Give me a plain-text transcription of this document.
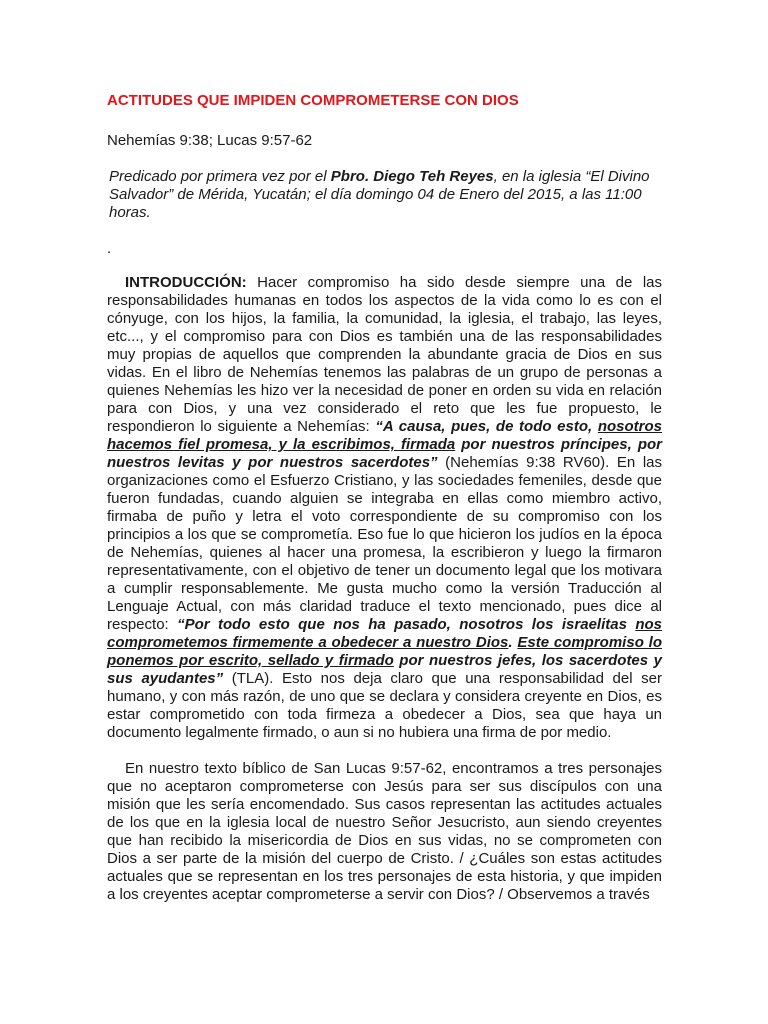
ACTITUDES QUE IMPIDEN COMPROMETERSE CON DIOS

Nehemías 9:38; Lucas 9:57-62

Predicado por primera vez por el Pbro. Diego Teh Reyes, en la iglesia “El Divino Salvador” de Mérida, Yucatán; el día domingo 04 de Enero del 2015, a las 11:00 horas.

.

INTRODUCCIÓN: Hacer compromiso ha sido desde siempre una de las responsabilidades humanas en todos los aspectos de la vida como lo es con el cónyuge, con los hijos, la familia, la comunidad, la iglesia, el trabajo, las leyes, etc..., y el compromiso para con Dios es también una de las responsabilidades muy propias de aquellos que comprenden la abundante gracia de Dios en sus vidas. En el libro de Nehemías tenemos las palabras de un grupo de personas a quienes Nehemías les hizo ver la necesidad de poner en orden su vida en relación para con Dios, y una vez considerado el reto que les fue propuesto, le respondieron lo siguiente a Nehemías: “A causa, pues, de todo esto, nosotros hacemos fiel promesa, y la escribimos, firmada por nuestros príncipes, por nuestros levitas y por nuestros sacerdotes” (Nehemías 9:38 RV60). En las organizaciones como el Esfuerzo Cristiano, y las sociedades femeniles, desde que fueron fundadas, cuando alguien se integraba en ellas como miembro activo, firmaba de puño y letra el voto correspondiente de su compromiso con los principios a los que se comprometía. Eso fue lo que hicieron los judíos en la época de Nehemías, quienes al hacer una promesa, la escribieron y luego la firmaron representativamente, con el objetivo de tener un documento legal que los motivara a cumplir responsablemente. Me gusta mucho como la versión Traducción al Lenguaje Actual, con más claridad traduce el texto mencionado, pues dice al respecto: “Por todo esto que nos ha pasado, nosotros los israelitas nos comprometemos firmemente a obedecer a nuestro Dios. Este compromiso lo ponemos por escrito, sellado y firmado por nuestros jefes, los sacerdotes y sus ayudantes” (TLA). Esto nos deja claro que una responsabilidad del ser humano, y con más razón, de uno que se declara y considera creyente en Dios, es estar comprometido con toda firmeza a obedecer a Dios, sea que haya un documento legalmente firmado, o aun si no hubiera una firma de por medio.

En nuestro texto bíblico de San Lucas 9:57-62, encontramos a tres personajes que no aceptaron comprometerse con Jesús para ser sus discípulos con una misión que les sería encomendado. Sus casos representan las actitudes actuales de los que en la iglesia local de nuestro Señor Jesucristo, aun siendo creyentes que han recibido la misericordia de Dios en sus vidas, no se comprometen con Dios a ser parte de la misión del cuerpo de Cristo. / ¿Cuáles son estas actitudes actuales que se representan en los tres personajes de esta historia, y que impiden a los creyentes aceptar comprometerse a servir con Dios? / Observemos a través
